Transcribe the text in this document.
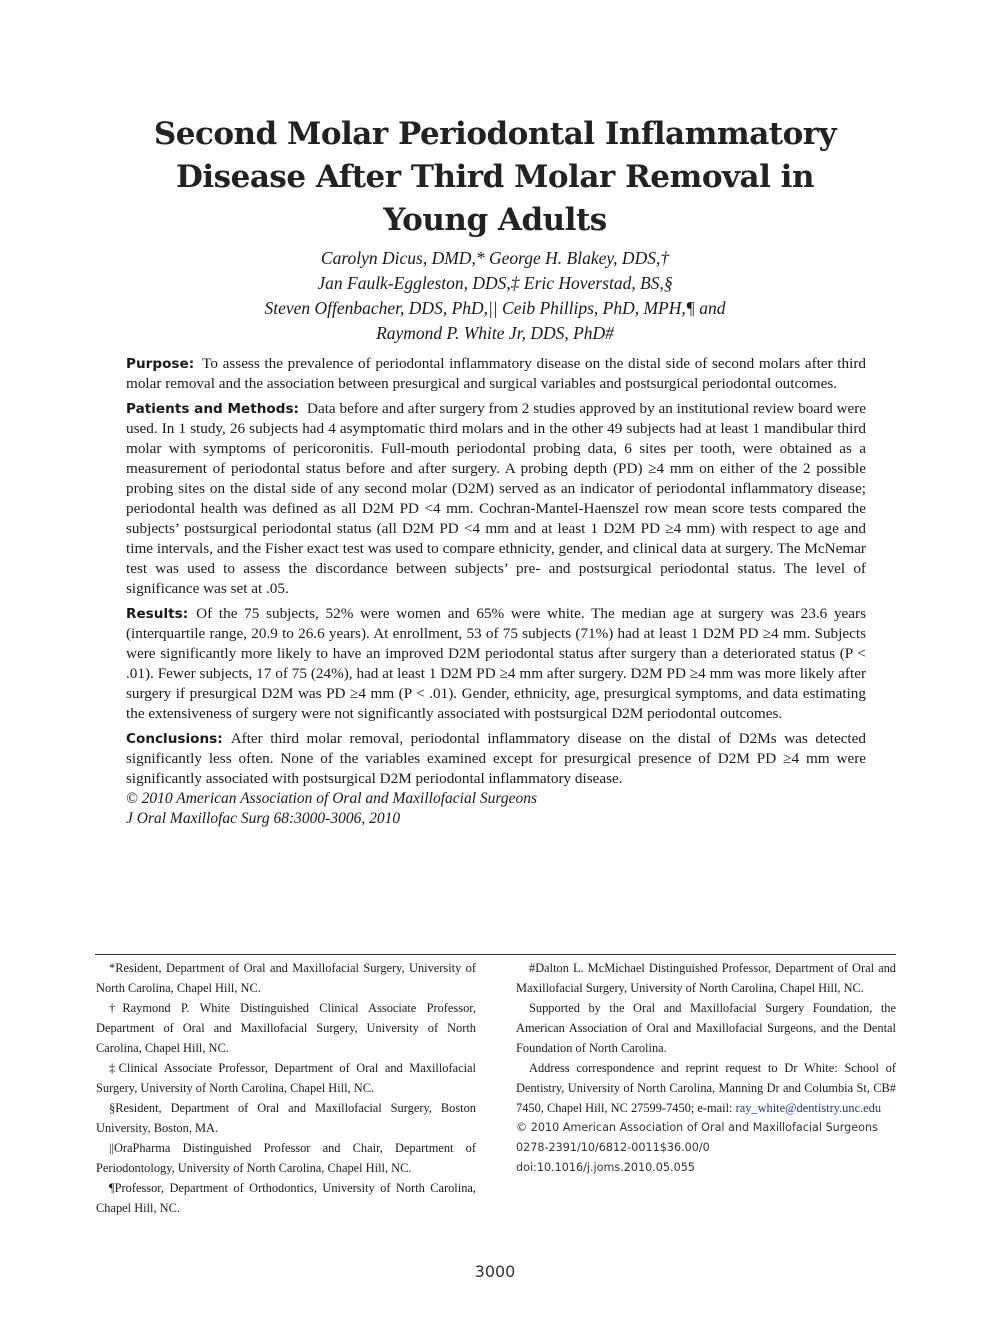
Second Molar Periodontal Inflammatory
Disease After Third Molar Removal in
Young Adults
Carolyn Dicus, DMD,* George H. Blakey, DDS,†
Jan Faulk-Eggleston, DDS,‡ Eric Hoverstad, BS,§
Steven Offenbacher, DDS, PhD,|| Ceib Phillips, PhD, MPH,¶ and
Raymond P. White Jr, DDS, PhD#

Purpose: To assess the prevalence of periodontal inflammatory disease on the distal side of second molars after third molar removal and the association between presurgical and surgical variables and postsurgical periodontal outcomes.

Patients and Methods: Data before and after surgery from 2 studies approved by an institutional review board were used. In 1 study, 26 subjects had 4 asymptomatic third molars and in the other 49 subjects had at least 1 mandibular third molar with symptoms of pericoronitis. Full-mouth periodontal probing data, 6 sites per tooth, were obtained as a measurement of periodontal status before and after surgery. A probing depth (PD) ≥4 mm on either of the 2 possible probing sites on the distal side of any second molar (D2M) served as an indicator of periodontal inflammatory disease; periodontal health was defined as all D2M PD <4 mm. Cochran-Mantel-Haenszel row mean score tests compared the subjects’ postsurgical periodontal status (all D2M PD <4 mm and at least 1 D2M PD ≥4 mm) with respect to age and time intervals, and the Fisher exact test was used to compare ethnicity, gender, and clinical data at surgery. The McNemar test was used to assess the discordance between subjects’ pre- and postsurgical periodontal status. The level of significance was set at .05.

Results: Of the 75 subjects, 52% were women and 65% were white. The median age at surgery was 23.6 years (interquartile range, 20.9 to 26.6 years). At enrollment, 53 of 75 subjects (71%) had at least 1 D2M PD ≥4 mm. Subjects were significantly more likely to have an improved D2M periodontal status after surgery than a deteriorated status (P < .01). Fewer subjects, 17 of 75 (24%), had at least 1 D2M PD ≥4 mm after surgery. D2M PD ≥4 mm was more likely after surgery if presurgical D2M was PD ≥4 mm (P < .01). Gender, ethnicity, age, presurgical symptoms, and data estimating the extensiveness of surgery were not significantly associated with postsurgical D2M periodontal outcomes.

Conclusions: After third molar removal, periodontal inflammatory disease on the distal of D2Ms was detected significantly less often. None of the variables examined except for presurgical presence of D2M PD ≥4 mm were significantly associated with postsurgical D2M periodontal inflammatory disease.

© 2010 American Association of Oral and Maxillofacial Surgeons
J Oral Maxillofac Surg 68:3000-3006, 2010

*Resident, Department of Oral and Maxillofacial Surgery, University of North Carolina, Chapel Hill, NC.

†Raymond P. White Distinguished Clinical Associate Professor, Department of Oral and Maxillofacial Surgery, University of North Carolina, Chapel Hill, NC.

‡Clinical Associate Professor, Department of Oral and Maxillofacial Surgery, University of North Carolina, Chapel Hill, NC.

§Resident, Department of Oral and Maxillofacial Surgery, Boston University, Boston, MA.

||OraPharma Distinguished Professor and Chair, Department of Periodontology, University of North Carolina, Chapel Hill, NC.

¶Professor, Department of Orthodontics, University of North Carolina, Chapel Hill, NC.

#Dalton L. McMichael Distinguished Professor, Department of Oral and Maxillofacial Surgery, University of North Carolina, Chapel Hill, NC.

Supported by the Oral and Maxillofacial Surgery Foundation, the American Association of Oral and Maxillofacial Surgeons, and the Dental Foundation of North Carolina.

Address correspondence and reprint request to Dr White: School of Dentistry, University of North Carolina, Manning Dr and Columbia St, CB# 7450, Chapel Hill, NC 27599-7450; e-mail: ray_white@dentistry.unc.edu

© 2010 American Association of Oral and Maxillofacial Surgeons

0278-2391/10/6812-0011$36.00/0

doi:10.1016/j.joms.2010.05.055

3000
